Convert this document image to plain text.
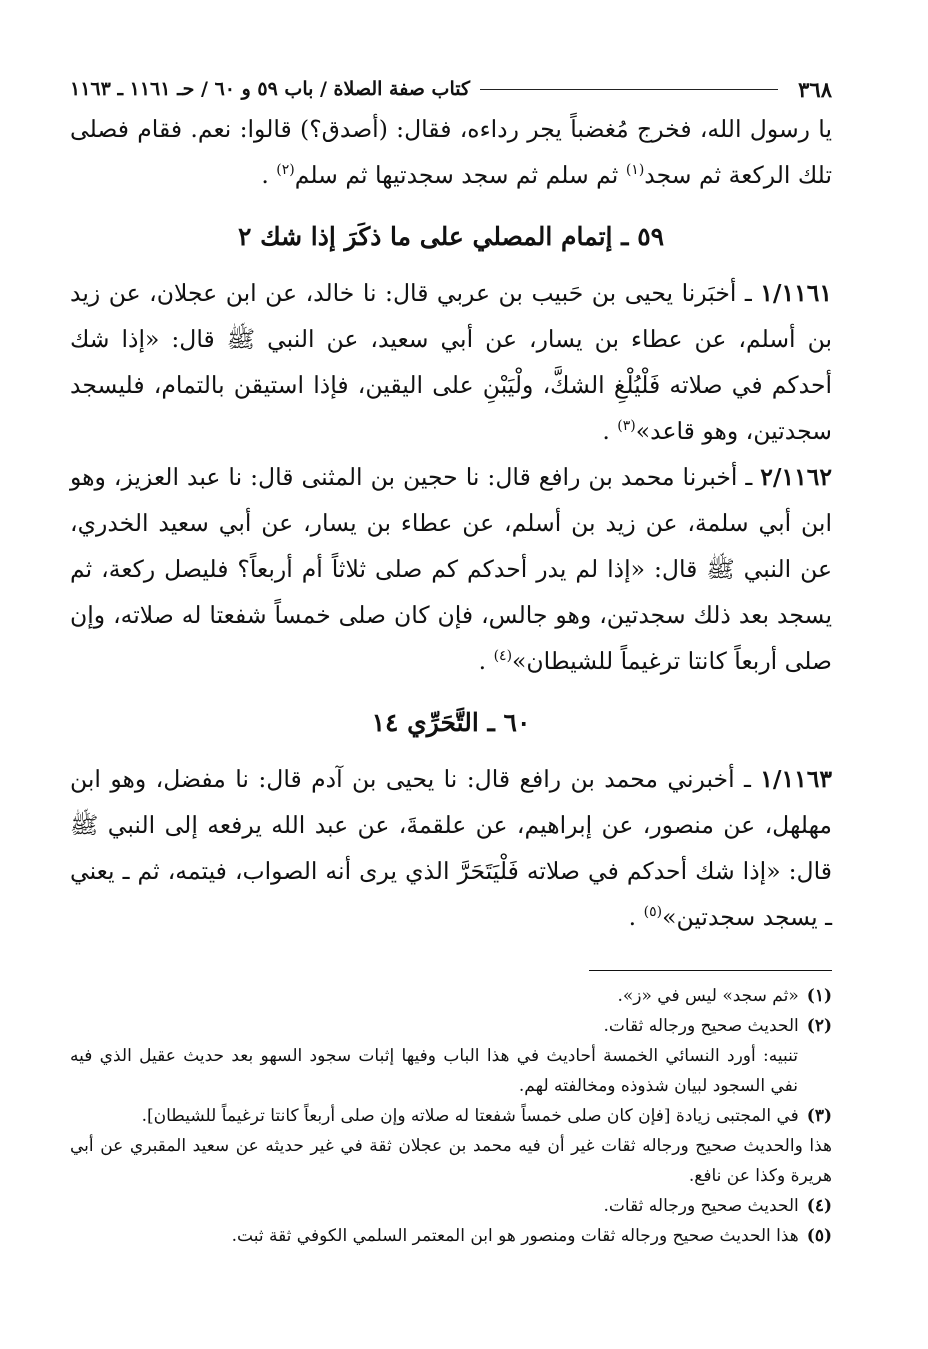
٣٦٨
كتاب صفة الصلاة / باب ٥٩ و ٦٠ / حـ ١١٦١ ـ ١١٦٣

يا رسول الله، فخرج مُغضباً يجر رداءه، فقال: (أصدق؟) قالوا: نعم. فقام فصلى تلك الركعة ثم سجد$^{(١)}$ ثم سلم ثم سجد سجدتيها ثم سلم$^{(٢)}$ .

٥٩ ـ إتمام المصلي على ما ذكَرَ إذا شك ٢

١/١١٦١ ـ أخبَرنا يحيى بن حَبيب بن عربي قال: نا خالد، عن ابن عجلان، عن زيد بن أسلم، عن عطاء بن يسار، عن أبي سعيد، عن النبي ﷺ قال: «إذا شك أحدكم في صلاته فَلْيُلْغِ الشكَّ، ولْيَبْنِ على اليقين، فإذا استيقن بالتمام، فليسجد سجدتين، وهو قاعد»$^{(٣)}$ .

٢/١١٦٢ ـ أخبرنا محمد بن رافع قال: نا حجين بن المثنى قال: نا عبد العزيز، وهو ابن أبي سلمة، عن زيد بن أسلم، عن عطاء بن يسار، عن أبي سعيد الخدري، عن النبي ﷺ قال: «إذا لم يدر أحدكم كم صلى ثلاثاً أم أربعاً؟ فليصل ركعة، ثم يسجد بعد ذلك سجدتين، وهو جالس، فإن كان صلى خمساً شفعتا له صلاته، وإن صلى أربعاً كانتا ترغيماً للشيطان»$^{(٤)}$ .

٦٠ ـ التَّحَرِّي ١٤

١/١١٦٣ ـ أخبرني محمد بن رافع قال: نا يحيى بن آدم قال: نا مفضل، وهو ابن مهلهل، عن منصور، عن إبراهيم، عن علقمةَ، عن عبد الله يرفعه إلى النبي ﷺ قال: «إذا شك أحدكم في صلاته فَلْيَتَحَرَّ الذي يرى أنه الصواب، فيتمه، ثم ـ يعني ـ يسجد سجدتين»$^{(٥)}$ .

(١)«ثم سجد» ليس في «ز».

(٢)الحديث صحيح ورجاله ثقات.

تنبيه: أورد النسائي الخمسة أحاديث في هذا الباب وفيها إثبات سجود السهو بعد حديث عقيل الذي فيه نفي السجود لبيان شذوذه ومخالفته لهم.

(٣)في المجتبى زيادة [فإن كان صلى خمساً شفعتا له صلاته وإن صلى أربعاً كانتا ترغيماً للشيطان].

هذا والحديث صحيح ورجاله ثقات غير أن فيه محمد بن عجلان ثقة في غير حديثه عن سعيد المقبري عن أبي هريرة وكذا عن نافع.

(٤)الحديث صحيح ورجاله ثقات.

(٥)هذا الحديث صحيح ورجاله ثقات ومنصور هو ابن المعتمر السلمي الكوفي ثقة ثبت.
